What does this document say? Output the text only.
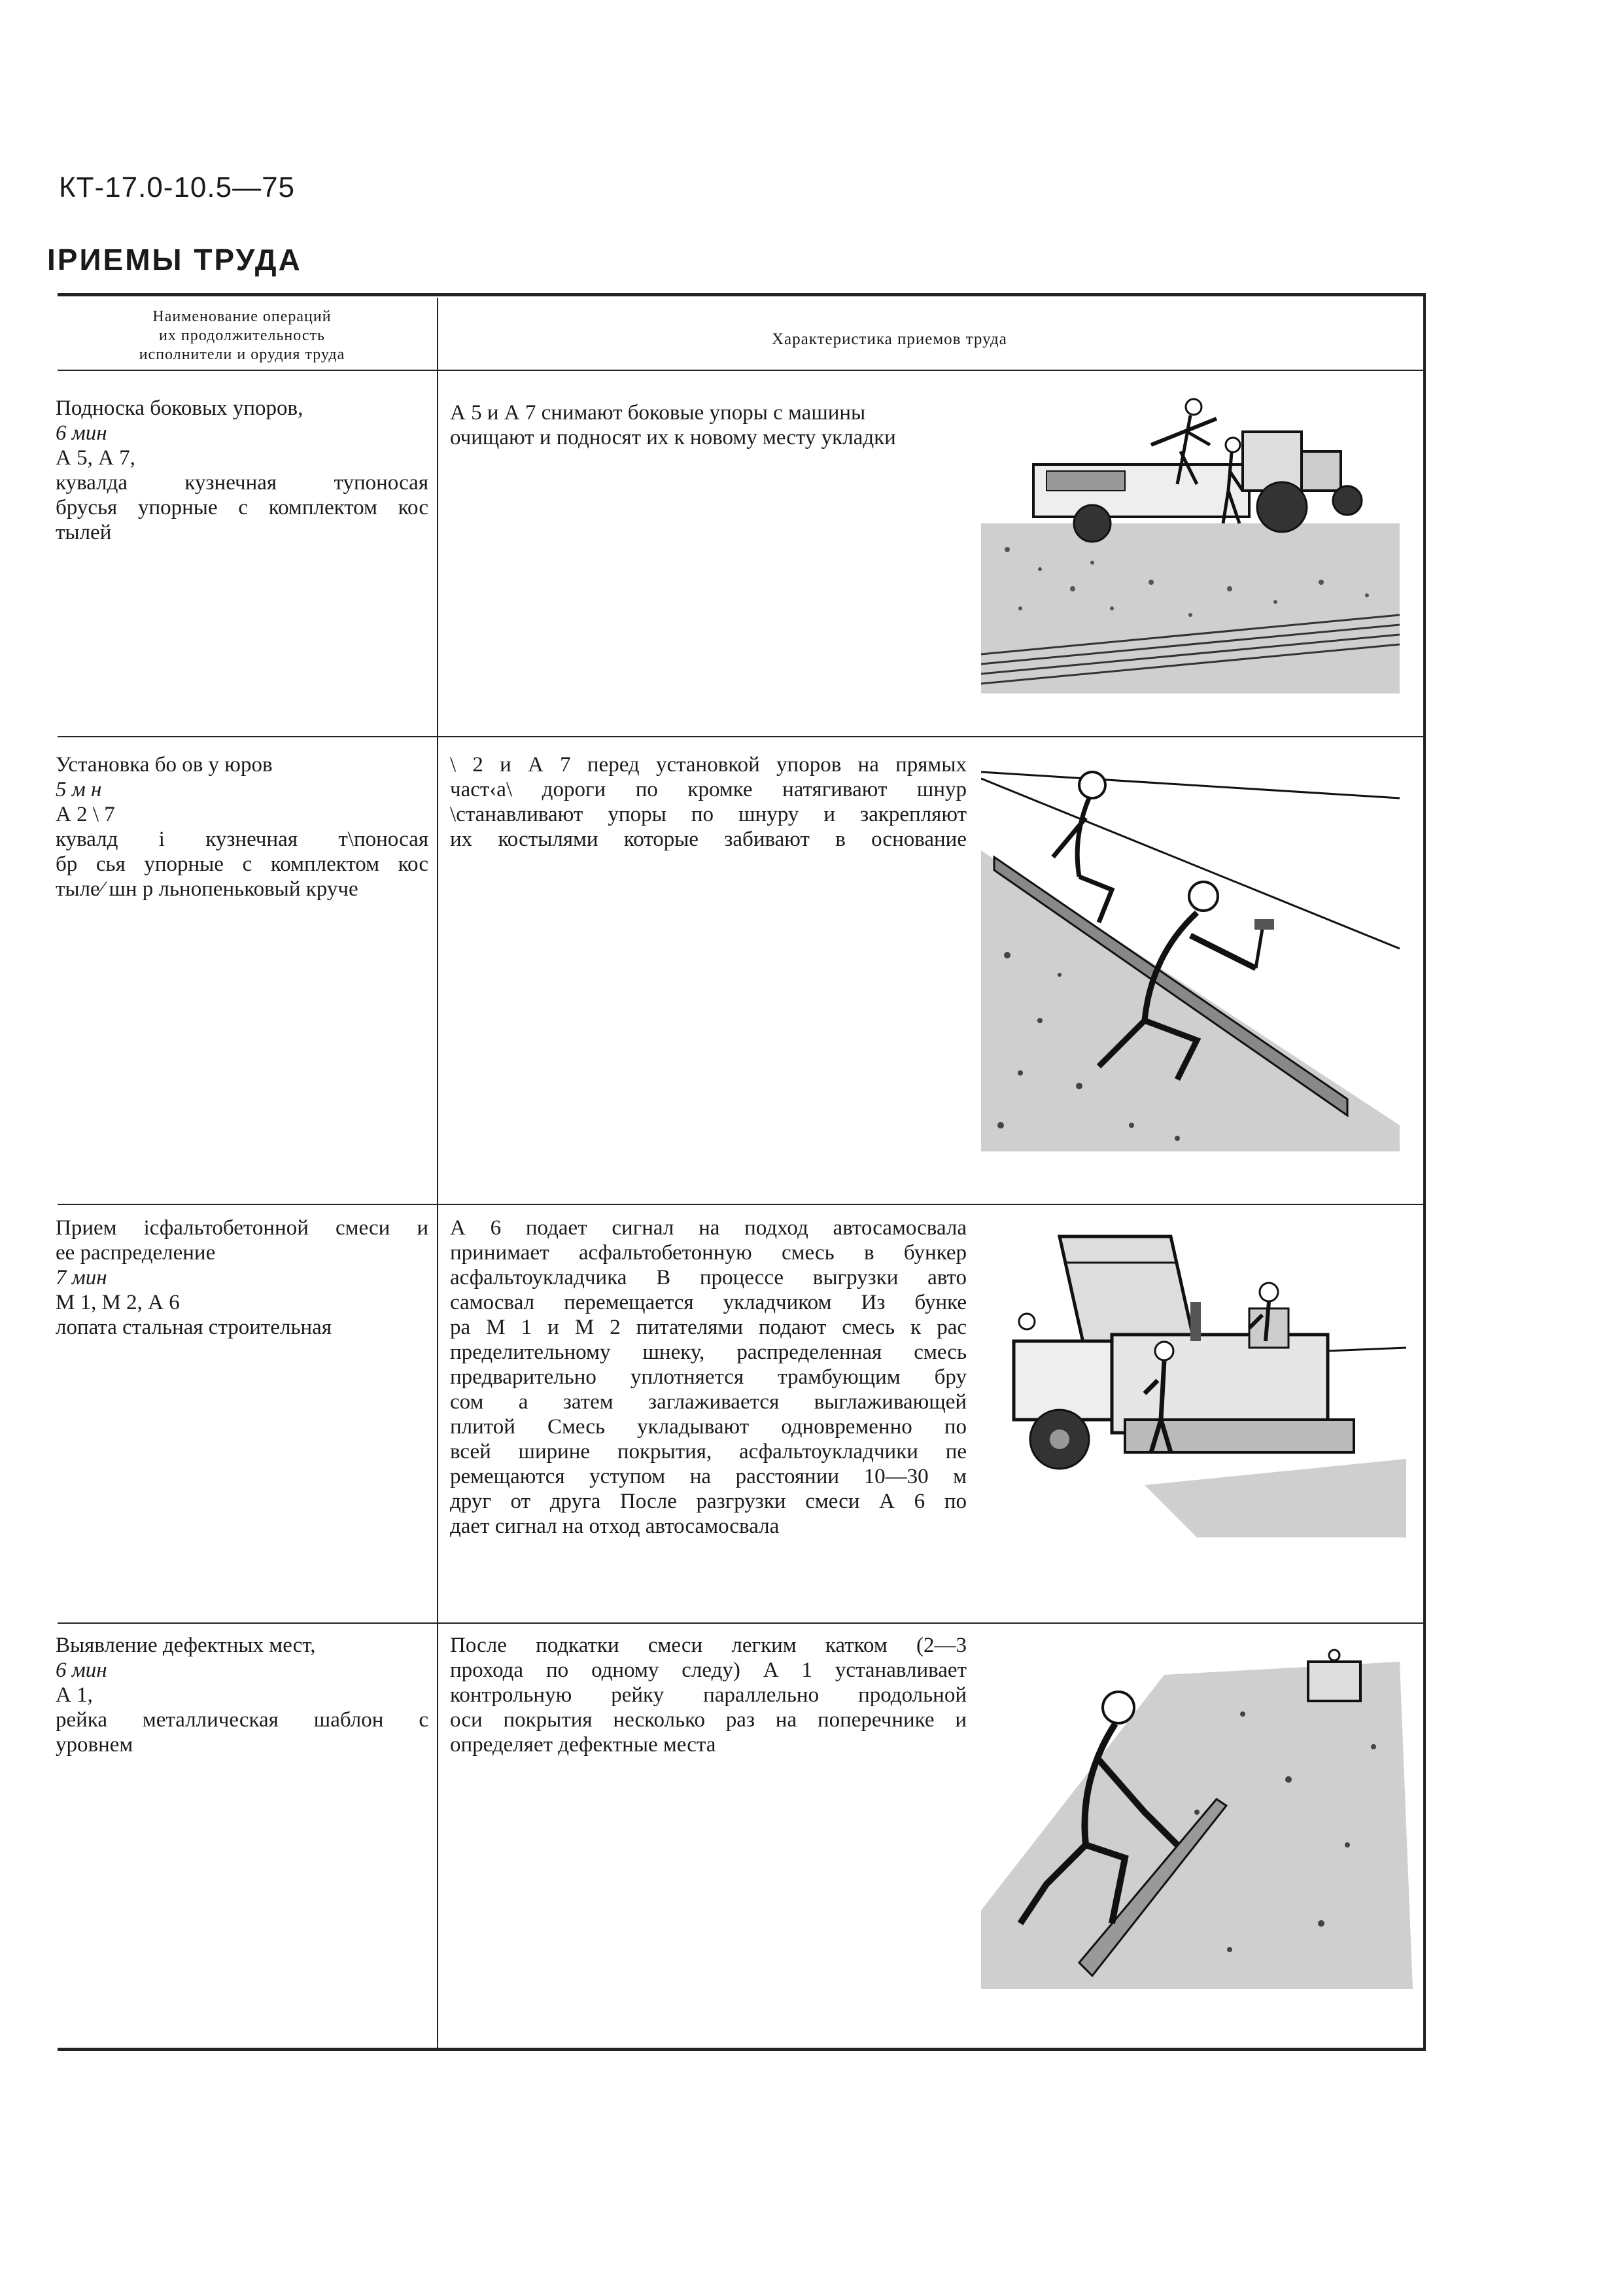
КТ-17.0-10.5—75
ІРИЕМЫ ТРУДА
Наименование операций
их продолжительность
исполнители и орудия труда
Характеристика приемов труда
Подноска боковых упоров,
6 мин
А 5, А 7,
кувалда кузнечная тупоносая
брусья упорные с комплектом кос
тылей
А 5 и А 7 снимают боковые упоры с машины
очищают и подносят их к новому месту укладки
Установка бо ов у юров
5 м н
А 2 \ 7
кувалд і кузнечная т\поносая
бр сья упорные с комплектом кос
тыле⁄ шн р льнопеньковый круче
\ 2 и А 7 перед установкой упоров на прямых
част‹а\ дороги по кромке натягивают шнур
\станавливают упоры по шнуру и закрепляют
их костылями которые забивают в основание
Прием ісфальтобетонной смеси и
ее распределение
7 мин
М 1, М 2, А 6
лопата стальная строительная
А 6 подает сигнал на подход автосамосвала
принимает асфальтобетонную смесь в бункер
асфальтоукладчика В процессе выгрузки авто
самосвал перемещается укладчиком Из бунке
ра М 1 и М 2 питателями подают смесь к рас
пределительному шнеку, распределенная смесь
предварительно уплотняется трамбующим бру
сом а затем заглаживается выглаживающей
плитой Смесь укладывают одновременно по
всей ширине покрытия, асфальтоукладчики пе
ремещаются уступом на расстоянии 10—30 м
друг от друга После разгрузки смеси А 6 по
дает сигнал на отход автосамосвала
Выявление дефектных мест,
6 мин
А 1,
рейка металлическая шаблон с
уровнем
После подкатки смеси легким катком (2—3
прохода по одному следу) А 1 устанавливает
контрольную рейку параллельно продольной
оси покрытия несколько раз на поперечнике и
определяет дефектные места
